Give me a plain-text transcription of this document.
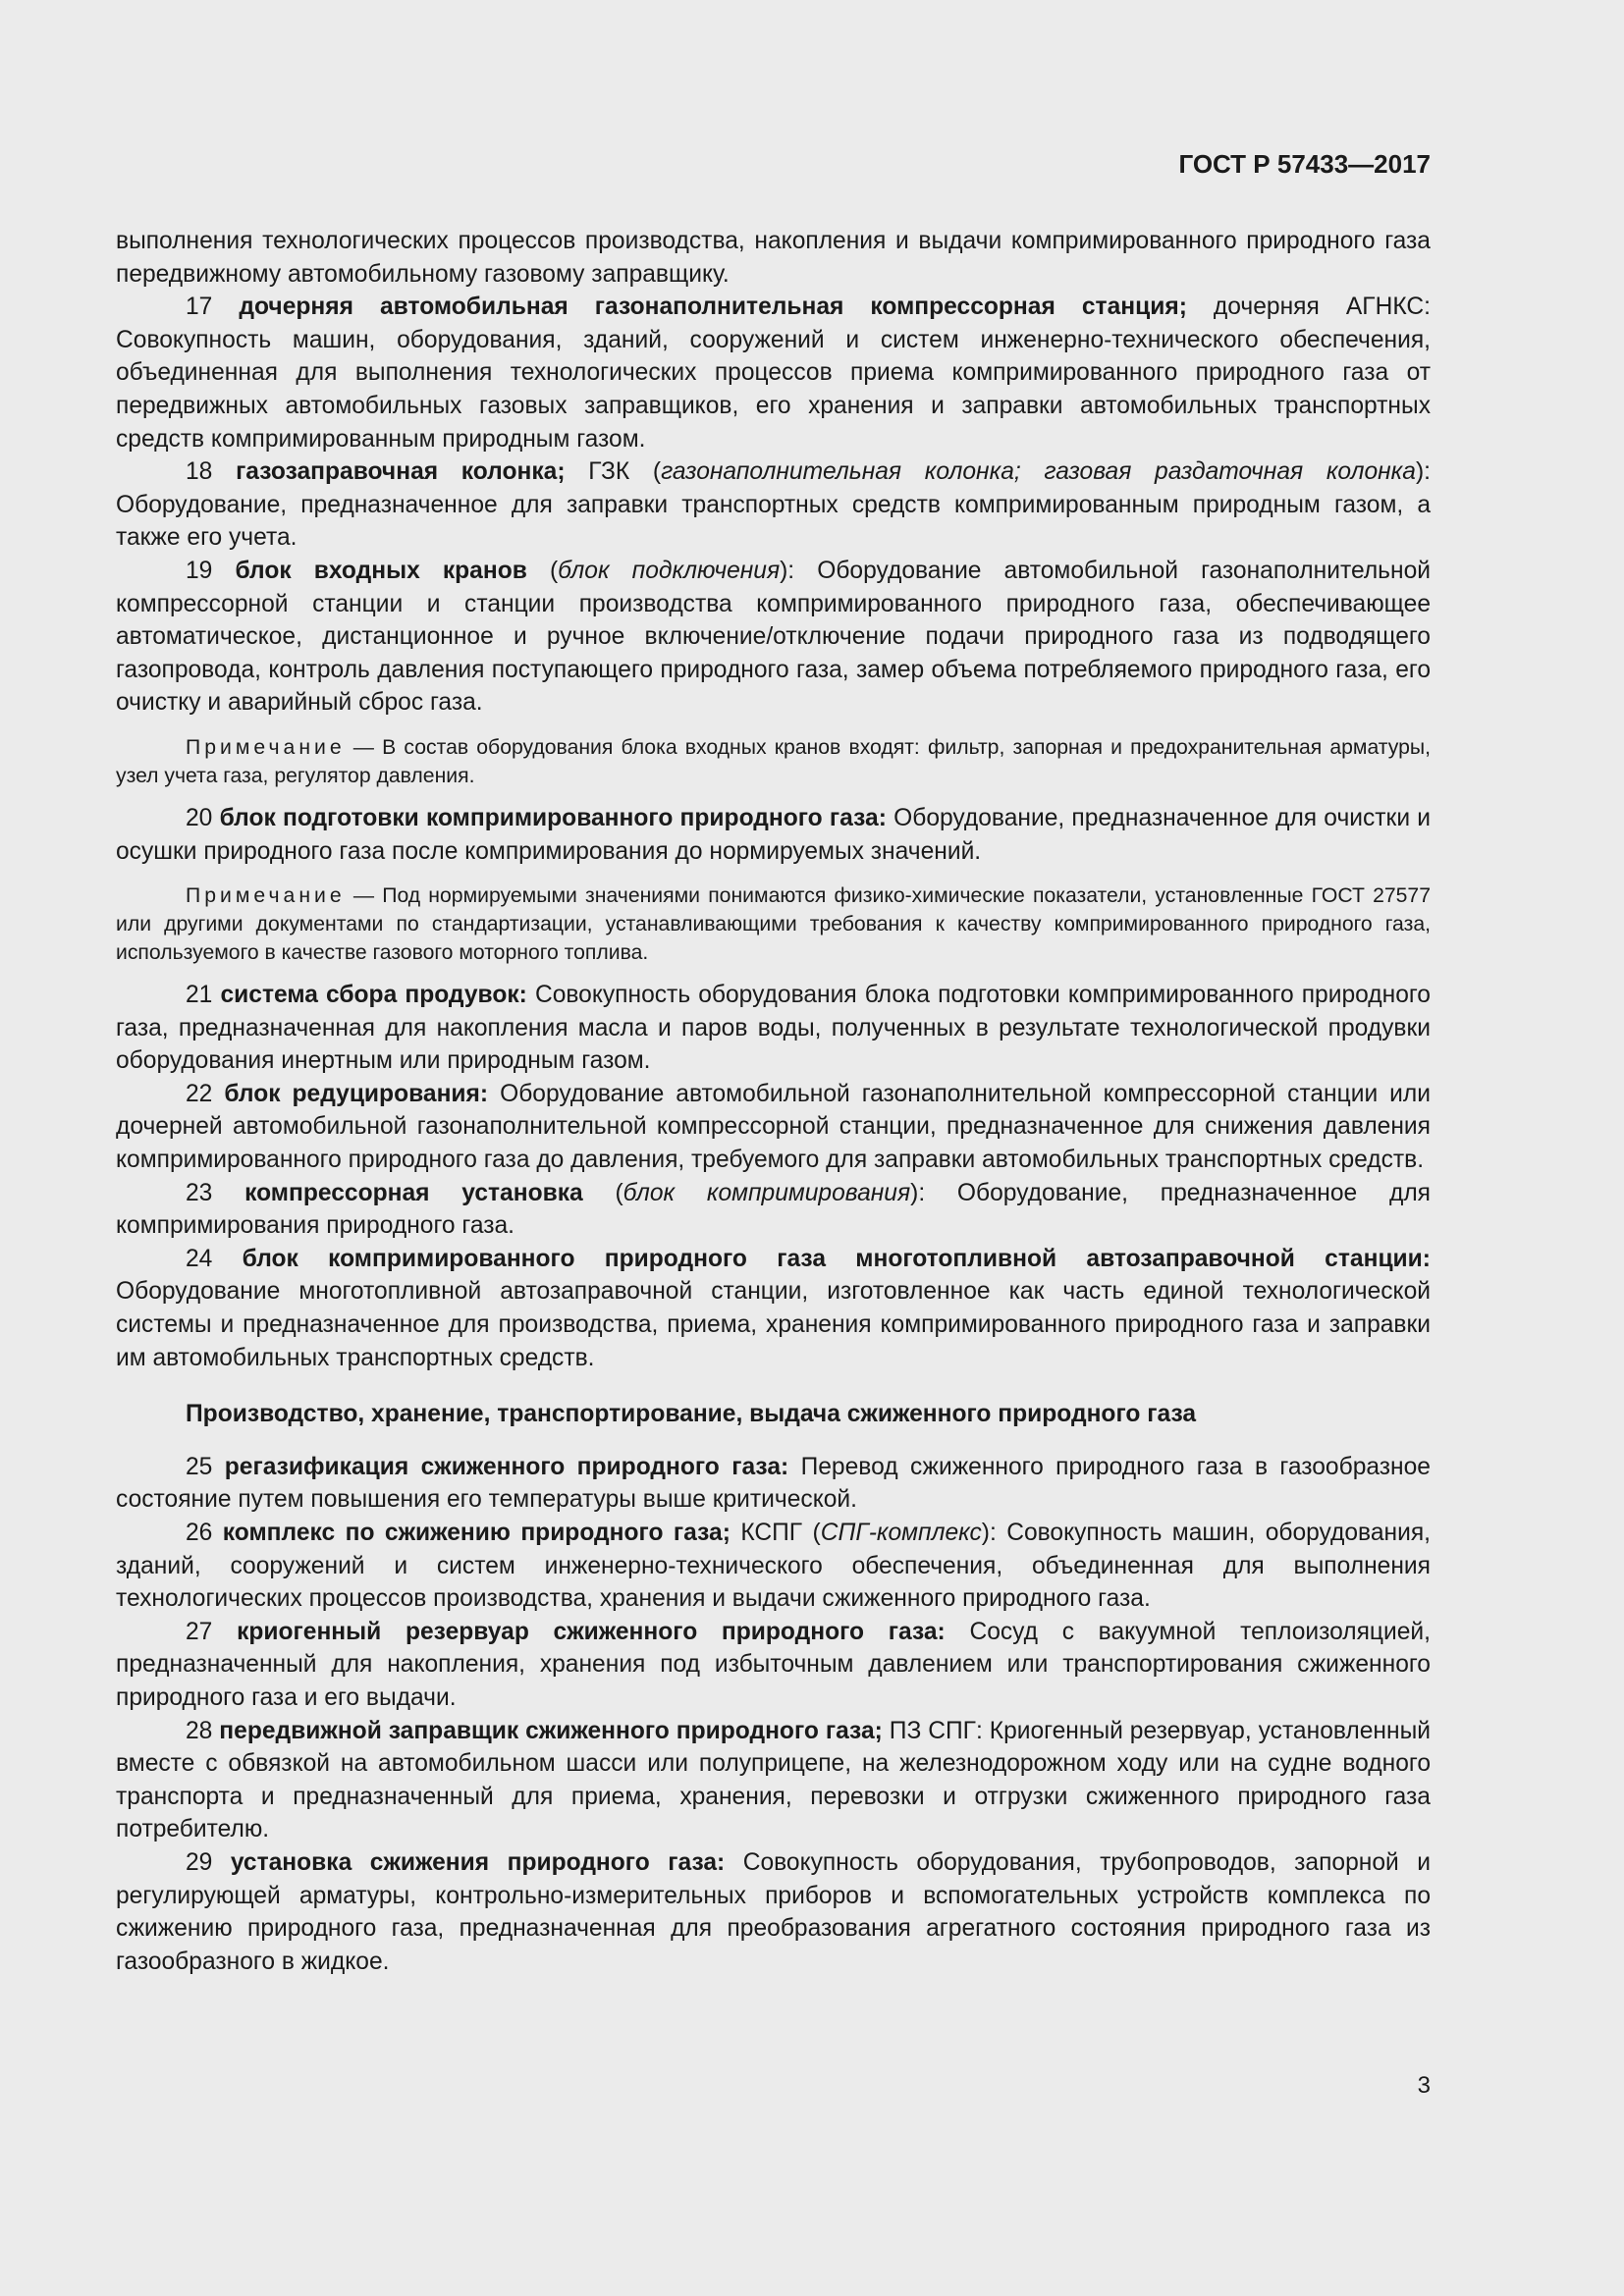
ГОСТ Р 57433—2017

выполнения технологических процессов производства, накопления и выдачи компримированного природного газа передвижному автомобильному газовому заправщику.

17 дочерняя автомобильная газонаполнительная компрессорная станция; дочерняя АГНКС: Совокупность машин, оборудования, зданий, сооружений и систем инженерно-технического обеспечения, объединенная для выполнения технологических процессов приема компримированного природного газа от передвижных автомобильных газовых заправщиков, его хранения и заправки автомобильных транспортных средств компримированным природным газом.

18 газозаправочная колонка; ГЗК (газонаполнительная колонка; газовая раздаточная колонка): Оборудование, предназначенное для заправки транспортных средств компримированным природным газом, а также его учета.

19 блок входных кранов (блок подключения): Оборудование автомобильной газонаполнительной компрессорной станции и станции производства компримированного природного газа, обеспечивающее автоматическое, дистанционное и ручное включение/отключение подачи природного газа из подводящего газопровода, контроль давления поступающего природного газа, замер объема потребляемого природного газа, его очистку и аварийный сброс газа.

Примечание — В состав оборудования блока входных кранов входят: фильтр, запорная и предохранительная арматуры, узел учета газа, регулятор давления.

20 блок подготовки компримированного природного газа: Оборудование, предназначенное для очистки и осушки природного газа после компримирования до нормируемых значений.

Примечание — Под нормируемыми значениями понимаются физико-химические показатели, установленные ГОСТ 27577 или другими документами по стандартизации, устанавливающими требования к качеству компримированного природного газа, используемого в качестве газового моторного топлива.

21 система сбора продувок: Совокупность оборудования блока подготовки компримированного природного газа, предназначенная для накопления масла и паров воды, полученных в результате технологической продувки оборудования инертным или природным газом.

22 блок редуцирования: Оборудование автомобильной газонаполнительной компрессорной станции или дочерней автомобильной газонаполнительной компрессорной станции, предназначенное для снижения давления компримированного природного газа до давления, требуемого для заправки автомобильных транспортных средств.

23 компрессорная установка (блок компримирования): Оборудование, предназначенное для компримирования природного газа.

24 блок компримированного природного газа многотопливной автозаправочной станции: Оборудование многотопливной автозаправочной станции, изготовленное как часть единой технологической системы и предназначенное для производства, приема, хранения компримированного природного газа и заправки им автомобильных транспортных средств.

Производство, хранение, транспортирование, выдача сжиженного природного газа

25 регазификация сжиженного природного газа: Перевод сжиженного природного газа в газообразное состояние путем повышения его температуры выше критической.

26 комплекс по сжижению природного газа; КСПГ (СПГ-комплекс): Совокупность машин, оборудования, зданий, сооружений и систем инженерно-технического обеспечения, объединенная для выполнения технологических процессов производства, хранения и выдачи сжиженного природного газа.

27 криогенный резервуар сжиженного природного газа: Сосуд с вакуумной теплоизоляцией, предназначенный для накопления, хранения под избыточным давлением или транспортирования сжиженного природного газа и его выдачи.

28 передвижной заправщик сжиженного природного газа; ПЗ СПГ: Криогенный резервуар, установленный вместе с обвязкой на автомобильном шасси или полуприцепе, на железнодорожном ходу или на судне водного транспорта и предназначенный для приема, хранения, перевозки и отгрузки сжиженного природного газа потребителю.

29 установка сжижения природного газа: Совокупность оборудования, трубопроводов, запорной и регулирующей арматуры, контрольно-измерительных приборов и вспомогательных устройств комплекса по сжижению природного газа, предназначенная для преобразования агрегатного состояния природного газа из газообразного в жидкое.

3
